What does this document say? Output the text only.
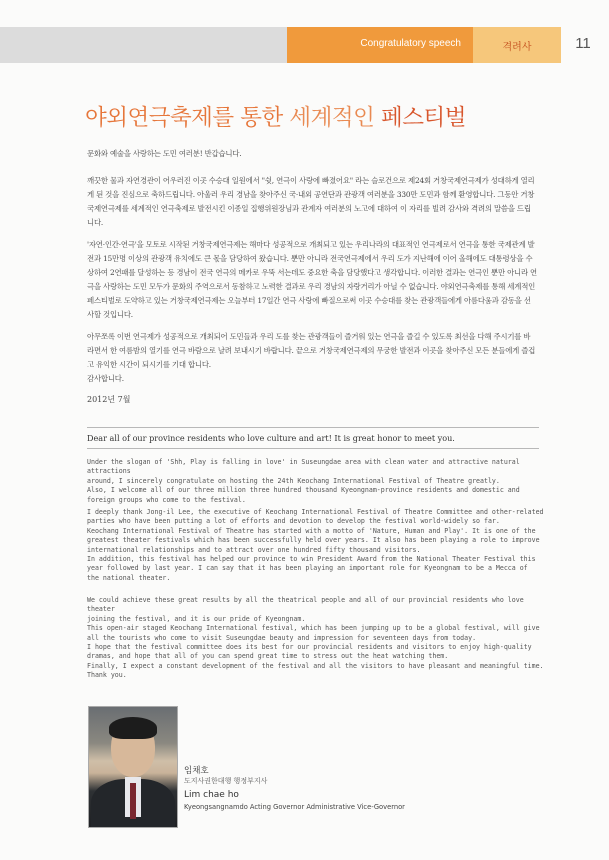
Congratulatory speech	격려사	11
야외연극축제를 통한 세계적인 페스티벌

문화와 예술을 사랑하는 도민 여러분! 반갑습니다.

깨끗한 물과 자연경관이 어우러진 이곳 수승대 일원에서 "쉿, 연극이 사랑에 빠졌어요" 라는 슬로건으로 제24회 거창국제연극제가 성대하게 열리게 된 것을 진심으로 축하드립니다. 아울러 우리 경남을 찾아주신 국·내외 공연단과 관광객 여러분을 330만 도민과 함께 환영합니다. 그동안 거창국제연극제를 세계적인 연극축제로 발전시킨 이종일 집행위원장님과 관계자 여러분의 노고에 대하여 이 자리를 빌려 감사와 격려의 말씀을 드립니다.

'자연·인간·연극'을 모토로 시작된 거창국제연극제는 해마다 성공적으로 개최되고 있는 우리나라의 대표적인 연극제로서 연극을 통한 국제관계 발전과 15만명 이상의 관광객 유치에도 큰 몫을 담당하여 왔습니다. 뿐만 아니라 전국연극제에서 우리 도가 지난해에 이어 올해에도 대통령상을 수상하여 2연패를 달성하는 등 경남이 전국 연극의 메카로 우뚝 서는데도 중요한 축을 담당했다고 생각합니다. 이러한 결과는 연극인 뿐만 아니라 연극을 사랑하는 도민 모두가 문화의 주역으로서 동참하고 노력한 결과로 우리 경남의 자랑거리가 아닐 수 없습니다. 야외연극축제를 통해 세계적인 페스티벌로 도약하고 있는 거창국제연극제는 오늘부터 17일간 연극 사랑에 빠질으로써 이곳 수승대를 찾는 관광객들에게 아름다움과 감동을 선사할 것입니다.

아무쪼록 이번 연극제가 성공적으로 개최되어 도민들과 우리 도를 찾는 관광객들이 즐거워 있는 연극을 즐길 수 있도록 최선을 다해 주시기를 바라면서 한 여름밤의 열기를 연극 바람으로 날려 보내시기 바랍니다. 끝으로 거창국제연극제의 무궁한 발전과 이곳을 찾아주신 모든 분들에게 즐겁고 유익한 시간이 되시기를 기대 합니다.

감사합니다.

2012년 7월
Dear all of our province residents who love culture and art! It is great honor to meet you.

Under the slogan of 'Shh, Play is falling in love' in Suseungdae area with clean water and attractive natural attractions

around, I sincerely congratulate on hosting the 24th Keochang International Festival of Theatre greatly.

Also, I welcome all of our three million three hundred thousand Kyeongnam-province residents and domestic and

foreign groups who come to the festival.

I deeply thank Jong-il Lee, the executive of Keochang International Festival of Theatre Committee and other-related

parties who have been putting a lot of efforts and devotion to develop the festival world-widely so far.

Keochang International Festival of Theatre has started with a motto of 'Nature, Human and Play'. It is one of the

greatest theater festivals which has been successfully held over years. It also has been playing a role to improve

international relationships and to attract over one hundred fifty thousand visitors.

In addition, this festival has helped our province to win President Award from the National Theater Festival this

year followed by last year. I can say that it has been playing an important role for Kyeongnam to be a Mecca of

the national theater.

We could achieve these great results by all the theatrical people and all of our provincial residents who love theater

joining the festival, and it is our pride of Kyeongnam.

This open-air staged Keochang International festival, which has been jumping up to be a global festival, will give

all the tourists who come to visit Suseungdae beauty and impression for seventeen days from today.

I hope that the festival committee does its best for our provincial residents and visitors to enjoy high-quality

dramas, and hope that all of you can spend great time to stress out the heat watching them.

Finally, I expect a constant development of the festival and all the visitors to have pleasant and meaningful time.

Thank you.

임채호
도지사권한대행 행정부지사
Lim chae ho
Kyeongsangnamdo Acting Governor Administrative Vice-Governor
